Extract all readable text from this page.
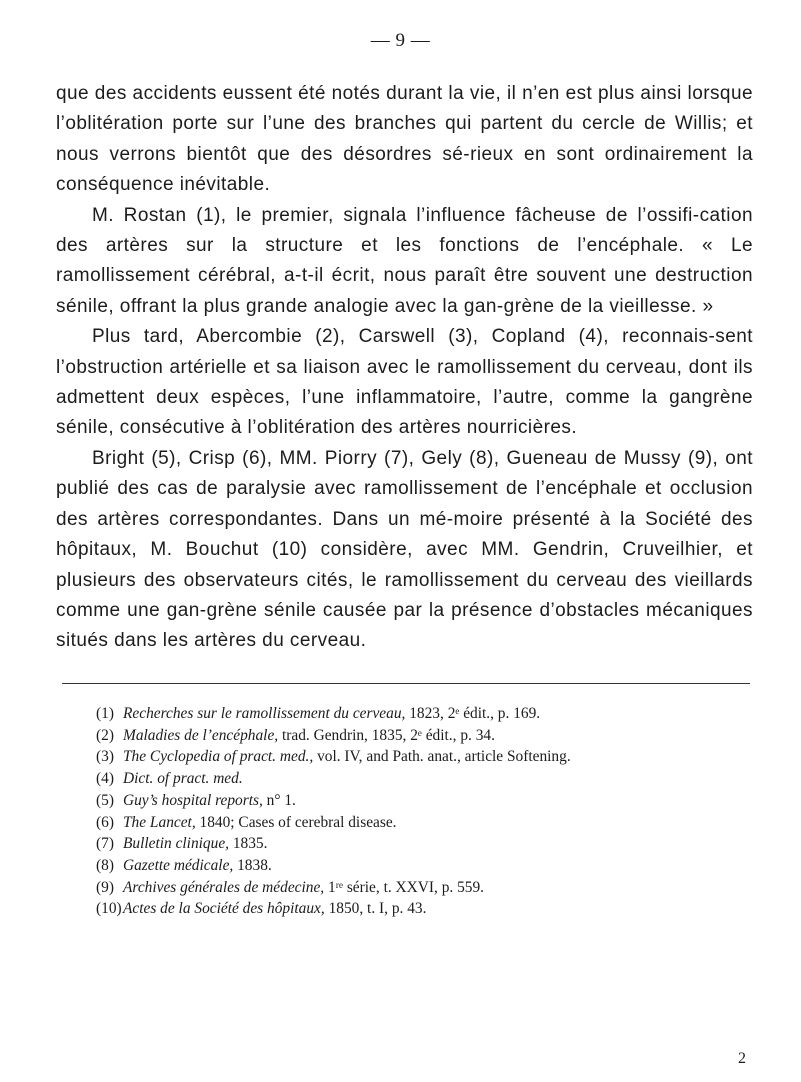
— 9 —

que des accidents eussent été notés durant la vie, il n’en est plus ainsi lorsque l’oblitération porte sur l’une des branches qui partent du cercle de Willis; et nous verrons bientôt que des désordres sé-rieux en sont ordinairement la conséquence inévitable.

M. Rostan (1), le premier, signala l’influence fâcheuse de l’ossifi-cation des artères sur la structure et les fonctions de l’encéphale. « Le ramollissement cérébral, a-t-il écrit, nous paraît être souvent une destruction sénile, offrant la plus grande analogie avec la gan-grène de la vieillesse. »

Plus tard, Abercombie (2), Carswell (3), Copland (4), reconnais-sent l’obstruction artérielle et sa liaison avec le ramollissement du cerveau, dont ils admettent deux espèces, l’une inflammatoire, l’autre, comme la gangrène sénile, consécutive à l’oblitération des artères nourricières.

Bright (5), Crisp (6), MM. Piorry (7), Gely (8), Gueneau de Mussy (9), ont publié des cas de paralysie avec ramollissement de l’encéphale et occlusion des artères correspondantes. Dans un mé-moire présenté à la Société des hôpitaux, M. Bouchut (10) considère, avec MM. Gendrin, Cruveilhier, et plusieurs des observateurs cités, le ramollissement du cerveau des vieillards comme une gan-grène sénile causée par la présence d’obstacles mécaniques situés dans les artères du cerveau.

(1) Recherches sur le ramollissement du cerveau, 1823, 2ᵉ édit., p. 169.
(2) Maladies de l’encéphale, trad. Gendrin, 1835, 2ᵉ édit., p. 34.
(3) The Cyclopedia of pract. med., vol. IV, and Path. anat., article Softening.
(4) Dict. of pract. med.
(5) Guy’s hospital reports, n° 1.
(6) The Lancet, 1840; Cases of cerebral disease.
(7) Bulletin clinique, 1835.
(8) Gazette médicale, 1838.
(9) Archives générales de médecine, 1ʳᵉ série, t. XXVI, p. 559.
(10)Actes de la Société des hôpitaux, 1850, t. I, p. 43.
2
